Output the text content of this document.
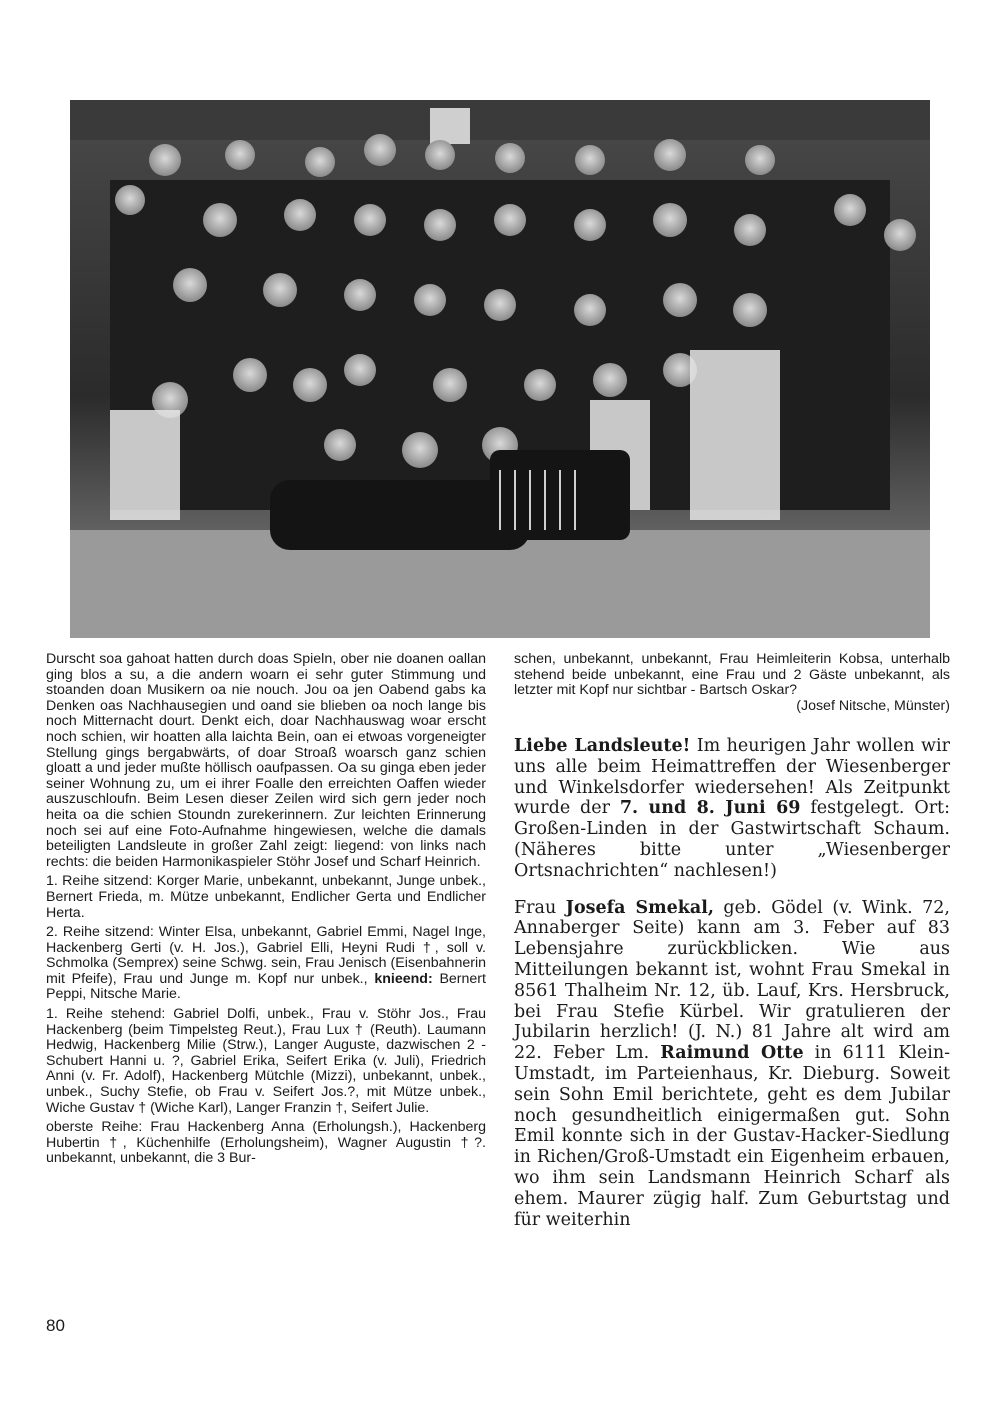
Durscht soa gahoat hatten durch doas Spieln, ober nie doanen oallan ging blos a su, a die andern woarn ei sehr guter Stimmung und stoanden doan Musikern oa nie nouch. Jou oa jen Oabend gabs ka Denken oas Nachhausegien und oand sie blieben oa noch lange bis noch Mitternacht dourt. Denkt eich, doar Nachhauswag woar erscht noch schien, wir hoatten alla laichta Bein, oan ei etwoas vorgeneigter Stellung gings bergabwärts, of doar Stroaß woarsch ganz schien gloatt a und jeder mußte höllisch oaufpassen. Oa su ginga eben jeder seiner Wohnung zu, um ei ihrer Foalle den erreichten Oaffen wieder auszuschloufn. Beim Lesen dieser Zeilen wird sich gern jeder noch heita oa die schien Stoundn zurekerinnern. Zur leichten Erinnerung noch sei auf eine Foto-Aufnahme hingewiesen, welche die damals beteiligten Landsleute in großer Zahl zeigt: liegend: von links nach rechts: die beiden Harmonikaspieler Stöhr Josef und Scharf Heinrich.

1. Reihe sitzend: Korger Marie, unbekannt, unbekannt, Junge unbek., Bernert Frieda, m. Mütze unbekannt, Endlicher Gerta und Endlicher Herta.

2. Reihe sitzend: Winter Elsa, unbekannt, Gabriel Emmi, Nagel Inge, Hackenberg Gerti (v. H. Jos.), Gabriel Elli, Heyni Rudi †, soll v. Schmolka (Semprex) seine Schwg. sein, Frau Jenisch (Eisenbahnerin mit Pfeife), Frau und Junge m. Kopf nur unbek., knieend: Bernert Peppi, Nitsche Marie.

1. Reihe stehend: Gabriel Dolfi, unbek., Frau v. Stöhr Jos., Frau Hackenberg (beim Timpelsteg Reut.), Frau Lux † (Reuth). Laumann Hedwig, Hackenberg Milie (Strw.), Langer Auguste, dazwischen 2 - Schubert Hanni u. ?, Gabriel Erika, Seifert Erika (v. Juli), Friedrich Anni (v. Fr. Adolf), Hackenberg Mütchle (Mizzi), unbekannt, unbek., unbek., Suchy Stefie, ob Frau v. Seifert Jos.?, mit Mütze unbek., Wiche Gustav † (Wiche Karl), Langer Franzin †, Seifert Julie.

oberste Reihe: Frau Hackenberg Anna (Erholungsh.), Hackenberg Hubertin †, Küchenhilfe (Erholungsheim), Wagner Augustin †?. unbekannt, unbekannt, die 3 Bur-

schen, unbekannt, unbekannt, Frau Heimleiterin Kobsa, unterhalb stehend beide unbekannt, eine Frau und 2 Gäste unbekannt, als letzter mit Kopf nur sichtbar - Bartsch Oskar?

(Josef Nitsche, Münster)

Liebe Landsleute! Im heurigen Jahr wollen wir uns alle beim Heimattreffen der Wiesenberger und Winkelsdorfer wiedersehen! Als Zeitpunkt wurde der 7. und 8. Juni 69 festgelegt. Ort: Großen-Linden in der Gastwirtschaft Schaum. (Näheres bitte unter „Wiesenberger Ortsnachrichten“ nachlesen!)

Frau Josefa Smekal, geb. Gödel (v. Wink. 72, Annaberger Seite) kann am 3. Feber auf 83 Lebensjahre zurückblicken. Wie aus Mitteilungen bekannt ist, wohnt Frau Smekal in 8561 Thalheim Nr. 12, üb. Lauf, Krs. Hersbruck, bei Frau Stefie Kürbel. Wir gratulieren der Jubilarin herzlich! (J. N.) 81 Jahre alt wird am 22. Feber Lm. Raimund Otte in 6111 Klein-Umstadt, im Parteienhaus, Kr. Dieburg. Soweit sein Sohn Emil berichtete, geht es dem Jubilar noch gesundheitlich einigermaßen gut. Sohn Emil konnte sich in der Gustav-Hacker-Siedlung in Richen/Groß-Umstadt ein Eigenheim erbauen, wo ihm sein Landsmann Heinrich Scharf als ehem. Maurer zügig half. Zum Geburtstag und für weiterhin

80
